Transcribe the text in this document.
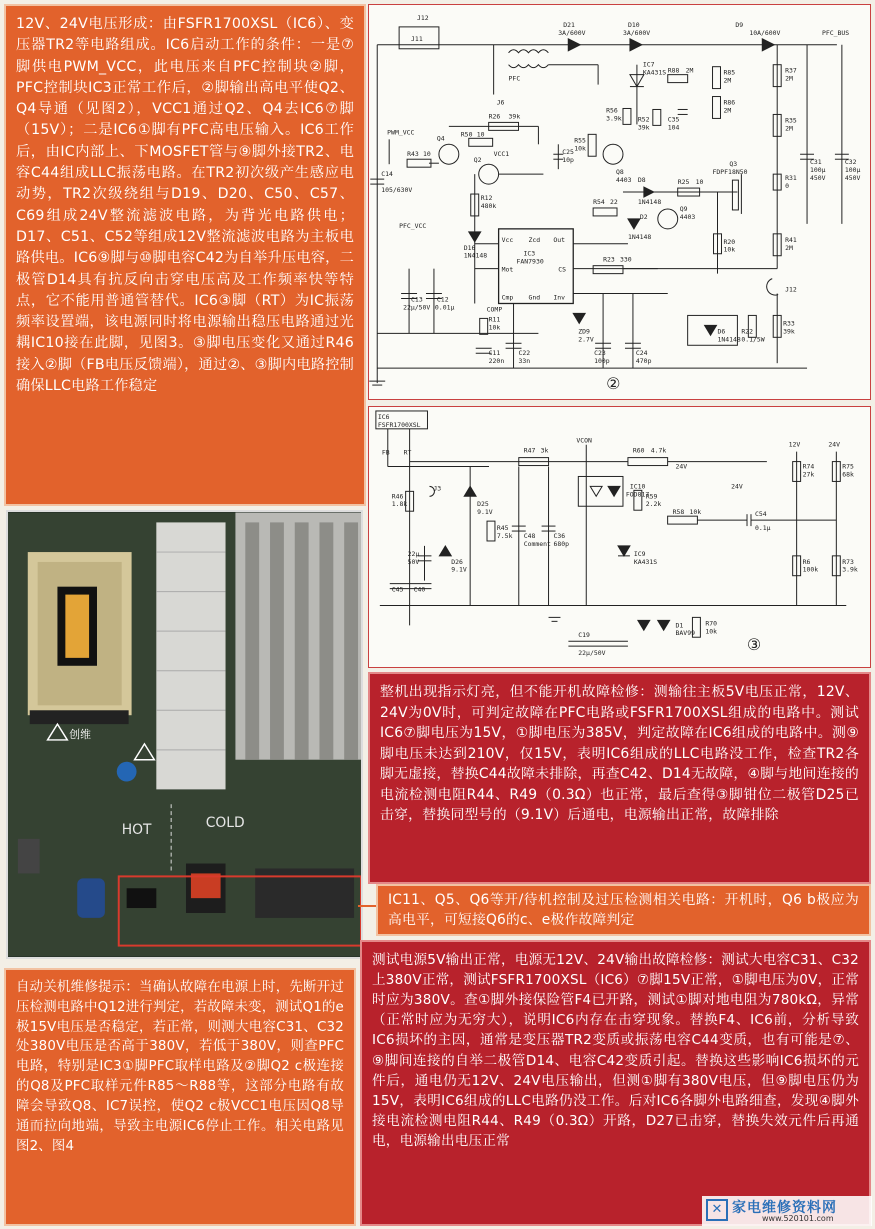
12V、24V电压形成：由FSFR1700XSL（IC6）、变压器TR2等电路组成。IC6启动工作的条件：一是⑦脚供电PWM_VCC，此电压来自PFC控制块②脚，PFC控制块IC3正常工作后，②脚输出高电平使Q2、Q4导通（见图2），VCC1通过Q2、Q4去IC6⑦脚（15V）；二是IC6①脚有PFC高电压输入。IC6工作后，由IC内部上、下MOSFET管与⑨脚外接TR2、电容C44组成LLC振荡电路。在TR2初次级产生感应电动势，TR2次级绕组与D19、D20、C50、C57、C69组成24V整流滤波电路，为背光电路供电；D17、C51、C52等组成12V整流滤波电路为主板电路供电。IC6⑨脚与⑩脚电容C42为自举升压电容，二极管D14具有抗反向击穿电压高及工作频率快等特点，它不能用普通管替代。IC6③脚（RT）为IC振荡频率设置端，该电源同时将电源输出稳压电路通过光耦IC10接在此脚，见图3。③脚电压变化又通过R46接入②脚（FB电压反馈端），通过②、③脚内电路控制确保LLC电路工作稳定
J12
D21
3A/600V
D10
3A/600V
D9
10A/600V	PFC_BUS
J11
PFC
J6
IC7
KA431S R88 2M	R85
2M
R86
2M
R56
3.9k	R52
39k
C35
104
R26 39k
R55
10k
C25
10p
Q8
4403
PWM_VCC
Q4 R50 10
R43 10
Q2
VCC1
C14
105/630V
R12
480k
D16
1N4148	IC3
FAN7930
D8
1N4148
R25 10
Q3
FDPF18N50
R37
2M
R35
2M
R31
0
R41
2M
C31
100μ
450V
C32
100μ
450V
R54 22
D2
1N4148
Q9
4403
R20
10k
PFC_VCC
R23 330
C13
22μ/50V
C12
0.01μ
R11
10k
C11
220n
C22
33n
ZD9
2.7V
C23
100p
C24
470p
D6
1N4148
R22
0.1/5W
R33
39k
J12
Vcc Zcd Out
Mot	CS
Cmp Gnd Inv
COMP
②
IC6
FSFR1700XSL
FB RT
VCON
R47 3k	R60 4.7k
24V
12V	24V
R74
27k
R75
68k
IC10
FOD817
R59
2.2k
J3
R46
1.8k	D25
9.1V
R45
7.5k C48
Comment
C36
680p
24V
R58 10k	C54
0.1μ
22μ
50V	D26
9.1V
IC9
KA431S	R6
100k
R73
3.9k
C45 C40
D1
BAV99
R70
10k
C19
22μ/50V	③
创维
HOT	COLD
整机出现指示灯亮，但不能开机故障检修：测输往主板5V电压正常，12V、24V为0V时，可判定故障在PFC电路或FSFR1700XSL组成的电路中。测试IC6⑦脚电压为15V，①脚电压为385V，判定故障在IC6组成的电路中。测⑨脚电压未达到210V，仅15V，表明IC6组成的LLC电路没工作，检查TR2各脚无虚接，替换C44故障未排除，再查C42、D14无故障，④脚与地间连接的电流检测电阻R44、R49（0.3Ω）也正常，最后查得③脚钳位二极管D25已击穿，替换同型号的（9.1V）后通电，电源输出正常，故障排除
IC11、Q5、Q6等开/待机控制及过压检测相关电路：开机时，Q6 b极应为高电平，可短接Q6的c、e极作故障判定
自动关机维修提示：当确认故障在电源上时，先断开过压检测电路中Q12进行判定，若故障未变，测试Q1的e极15V电压是否稳定，若正常，则测大电容C31、C32处380V电压是否高于380V，若低于380V，则查PFC电路，特别是IC3①脚PFC取样电路及②脚Q2 c极连接的Q8及PFC取样元件R85～R88等，这部分电路有故障会导致Q8、IC7误控，使Q2 c极VCC1电压因Q8导通而拉向地端，导致主电源IC6停止工作。相关电路见图2、图4
测试电源5V输出正常，电源无12V、24V输出故障检修：测试大电容C31、C32上380V正常，测试FSFR1700XSL（IC6）⑦脚15V正常，①脚电压为0V，正常时应为380V。查①脚外接保险管F4已开路，测试①脚对地电阻为780kΩ，异常（正常时应为无穷大），说明IC6内存在击穿现象。替换F4、IC6前，分析导致IC6损坏的主因，通常是变压器TR2变质或振荡电容C44变质，也有可能是⑦、⑨脚间连接的自举二极管D14、电容C42变质引起。替换这些影响IC6损坏的元件后，通电仍无12V、24V电压输出，但测①脚有380V电压，但⑨脚电压仍为15V，表明IC6组成的LLC电路仍没工作。后对IC6各脚外电路细查，发现④脚外接电流检测电阻R44、R49（0.3Ω）开路，D27已击穿，替换失效元件后再通电，电源输出电压正常
✕ 家电维修资料网
www.520101.com
